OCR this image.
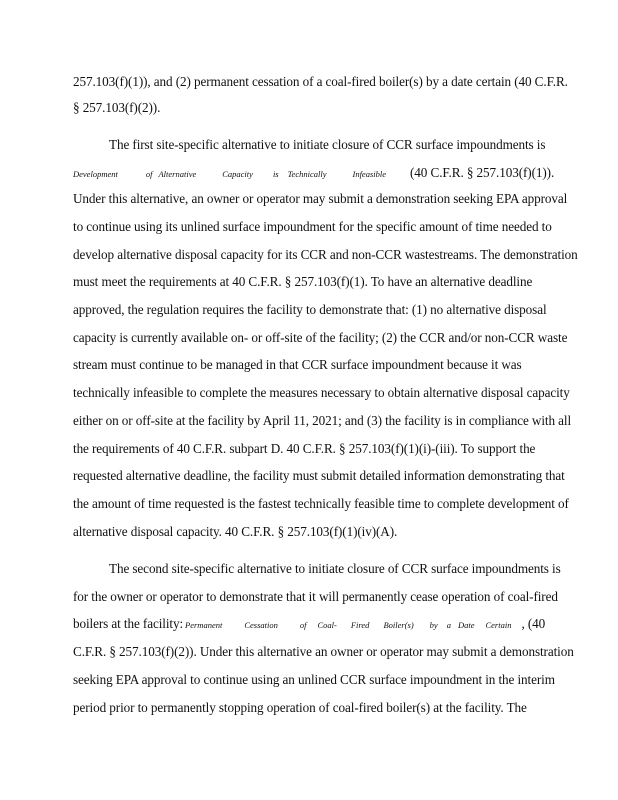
257.103(f)(1)), and (2) permanent cessation of a coal-fired boiler(s) by a date certain (40 C.F.R.
§ 257.103(f)(2)).
The first site-specific alternative to initiate closure of CCR surface impoundments is
Development	of Alternative	Capacity is Technically	Infeasible (40 C.F.R. § 257.103(f)(1)).
Under this alternative, an owner or operator may submit a demonstration seeking EPA approval
to continue using its unlined surface impoundment for the specific amount of time needed to
develop alternative disposal capacity for its CCR and non-CCR wastestreams. The demonstration
must meet the requirements at 40 C.F.R. § 257.103(f)(1). To have an alternative deadline
approved, the regulation requires the facility to demonstrate that: (1) no alternative disposal
capacity is currently available on- or off-site of the facility; (2) the CCR and/or non-CCR waste
stream must continue to be managed in that CCR surface impoundment because it was
technically infeasible to complete the measures necessary to obtain alternative disposal capacity
either on or off-site at the facility by April 11, 2021; and (3) the facility is in compliance with all
the requirements of 40 C.F.R. subpart D. 40 C.F.R. § 257.103(f)(1)(i)-(iii). To support the
requested alternative deadline, the facility must submit detailed information demonstrating that
the amount of time requested is the fastest technically feasible time to complete development of
alternative disposal capacity. 40 C.F.R. § 257.103(f)(1)(iv)(A).
The second site-specific alternative to initiate closure of CCR surface impoundments is
for the owner or operator to demonstrate that it will permanently cease operation of coal-fired
boilers at the facility: Permanent	Cessation	of Coal- Fired Boiler(s) by a Date Certain , (40
C.F.R. § 257.103(f)(2)). Under this alternative an owner or operator may submit a demonstration
seeking EPA approval to continue using an unlined CCR surface impoundment in the interim
period prior to permanently stopping operation of coal-fired boiler(s) at the facility. The
